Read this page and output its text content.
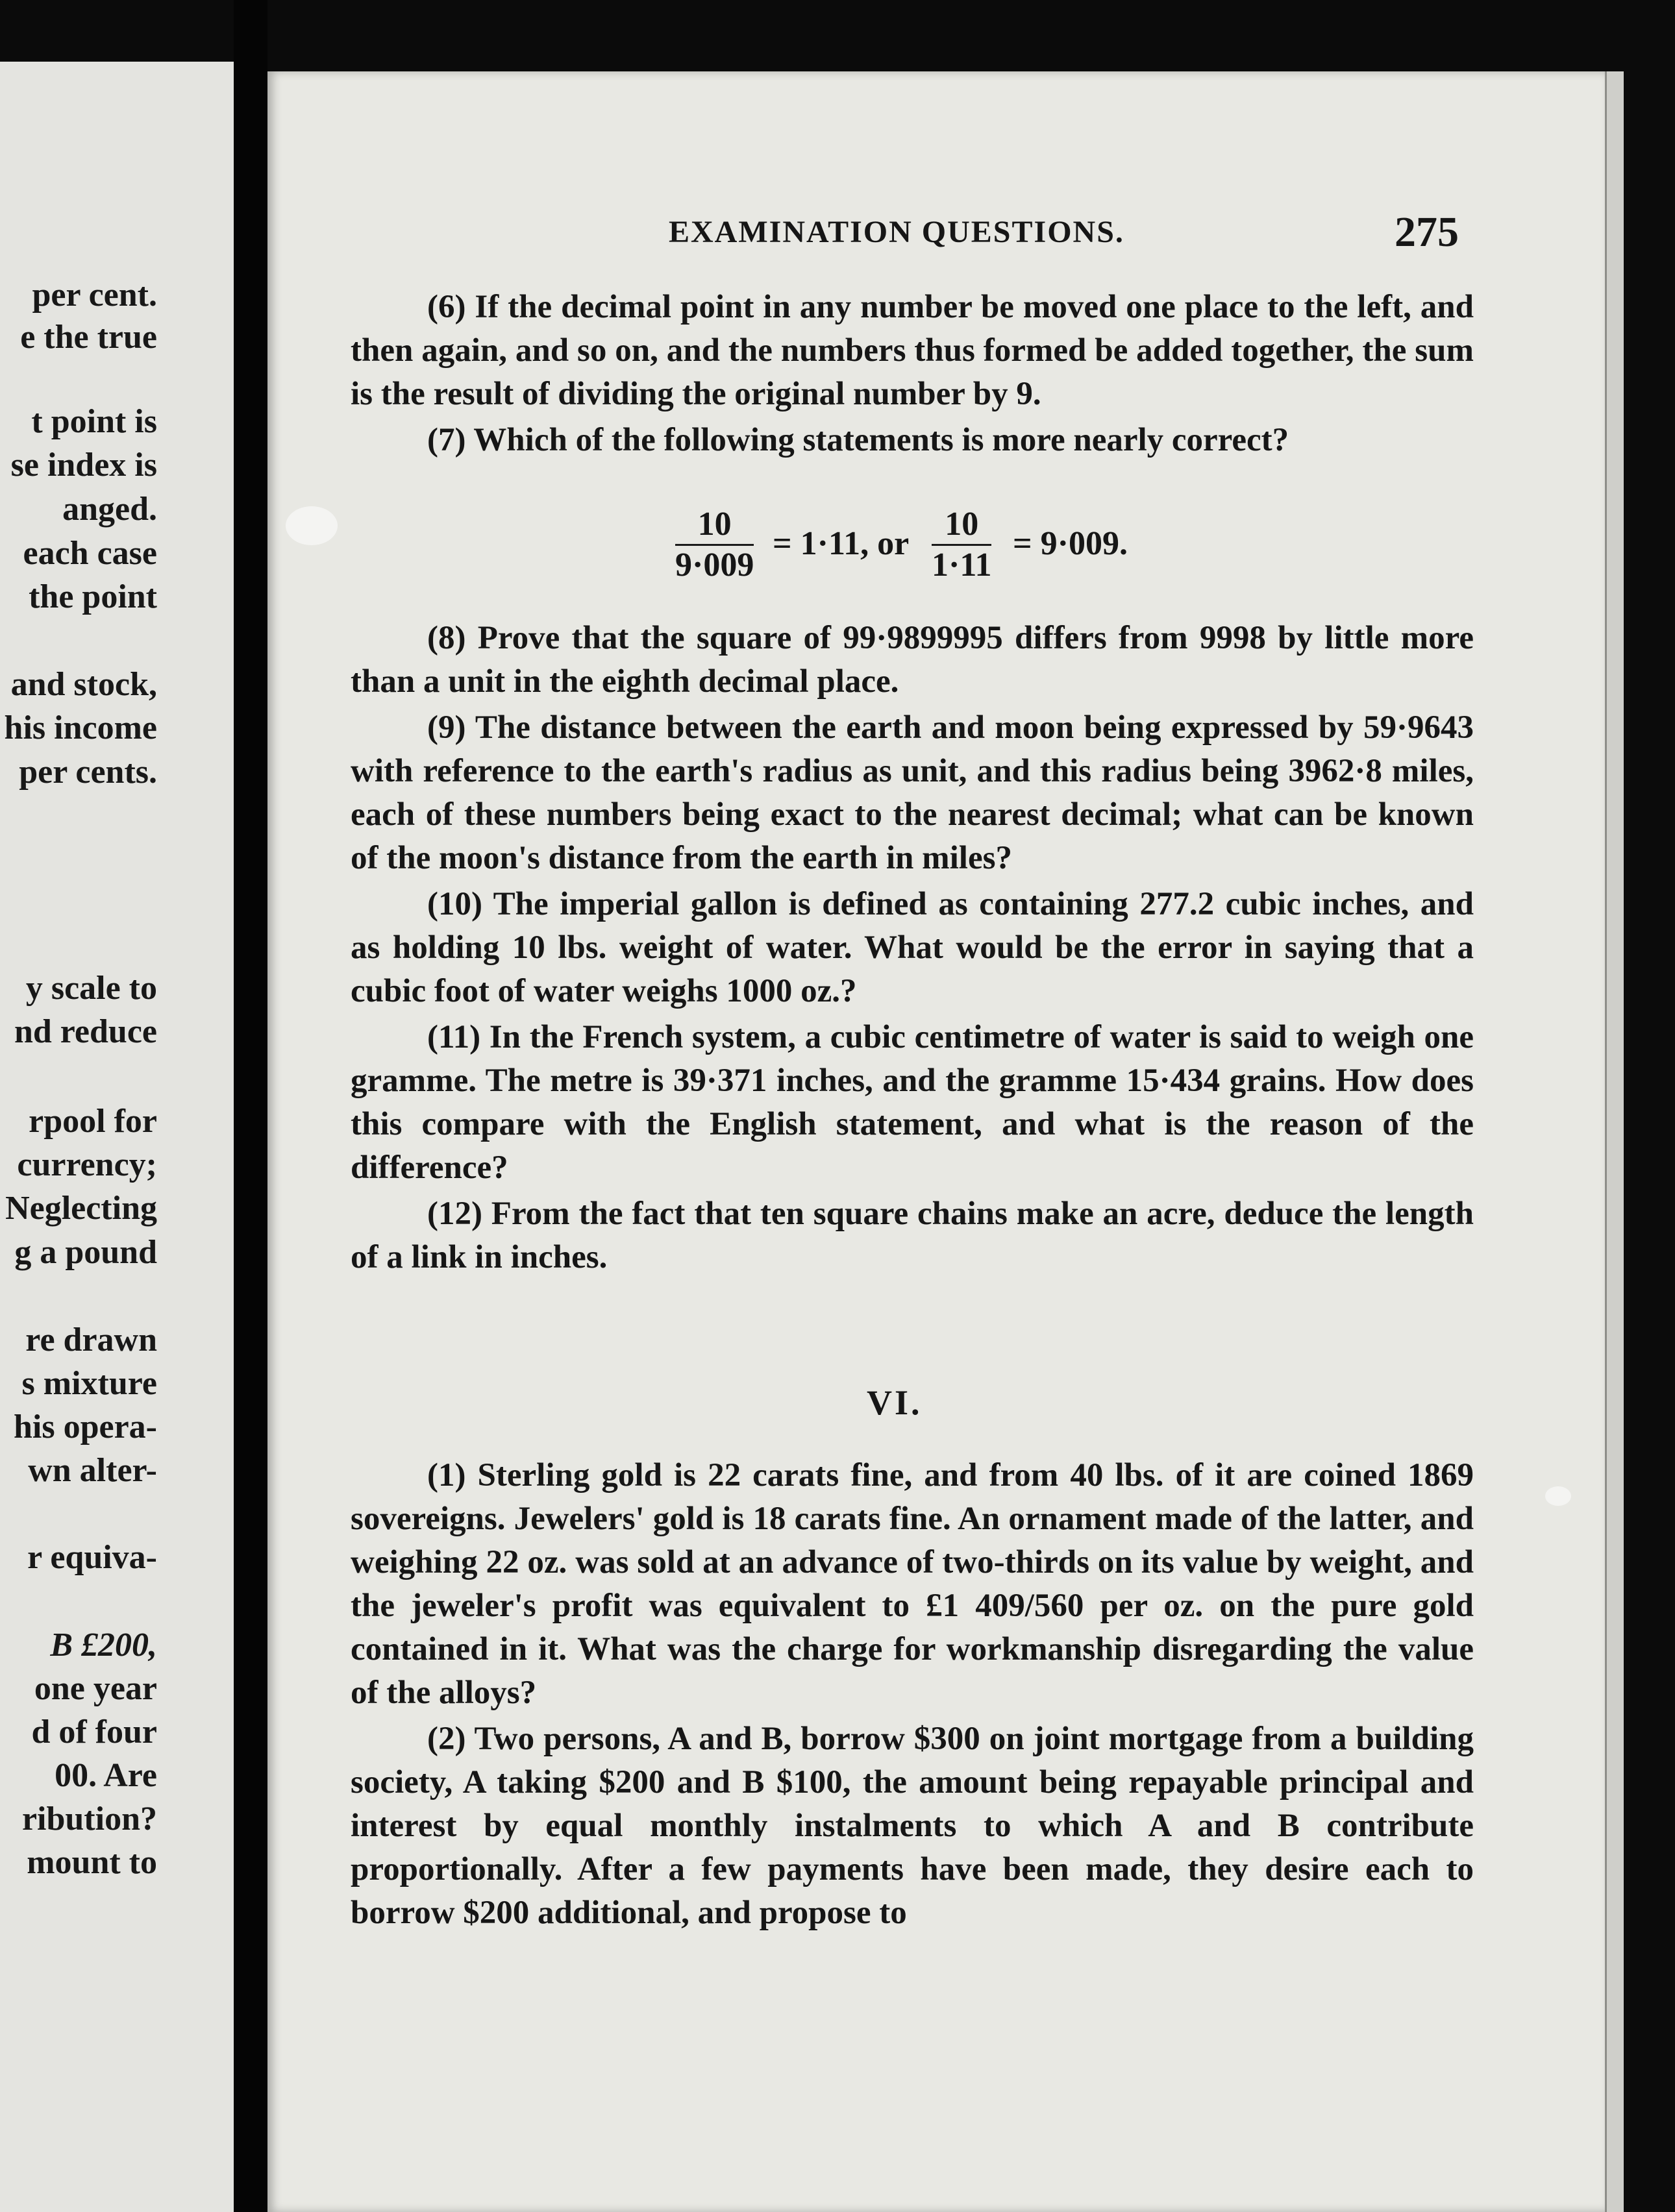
per cent.
e the true
t point is
se index is
anged.
each case
the point
and stock,
his income
per cents.
y scale to
nd reduce
rpool for
currency;
Neglecting
g a pound
re drawn
s mixture
his opera-
wn alter-
r equiva-
B £200,
one year
d of four
00. Are
ribution?
mount to
EXAMINATION QUESTIONS.	275

(6) If the decimal point in any number be moved one place to the left, and then again, and so on, and the numbers thus formed be added together, the sum is the result of dividing the original number by 9.

(7) Which of the following statements is more nearly correct?

$\frac{10}{9\cdot 009} = 1\cdot 11$, or $\frac{10}{1\cdot 11} = 9\cdot 009$.

(8) Prove that the square of 99·9899995 differs from 9998 by little more than a unit in the eighth decimal place.

(9) The distance between the earth and moon being expressed by 59·9643 with reference to the earth's radius as unit, and this radius being 3962·8 miles, each of these numbers being exact to the nearest decimal; what can be known of the moon's distance from the earth in miles?

(10) The imperial gallon is defined as containing 277.2 cubic inches, and as holding 10 lbs. weight of water. What would be the error in saying that a cubic foot of water weighs 1000 oz.?

(11) In the French system, a cubic centimetre of water is said to weigh one gramme. The metre is 39·371 inches, and the gramme 15·434 grains. How does this compare with the English statement, and what is the reason of the difference?

(12) From the fact that ten square chains make an acre, deduce the length of a link in inches.

VI.

(1) Sterling gold is 22 carats fine, and from 40 lbs. of it are coined 1869 sovereigns. Jewelers' gold is 18 carats fine. An ornament made of the latter, and weighing 22 oz. was sold at an advance of two-thirds on its value by weight, and the jeweler's profit was equivalent to £1 409/560 per oz. on the pure gold contained in it. What was the charge for workmanship disregarding the value of the alloys?

(2) Two persons, A and B, borrow $300 on joint mortgage from a building society, A taking $200 and B $100, the amount being repayable principal and interest by equal monthly instalments to which A and B contribute proportionally. After a few payments have been made, they desire each to borrow $200 additional, and propose to
